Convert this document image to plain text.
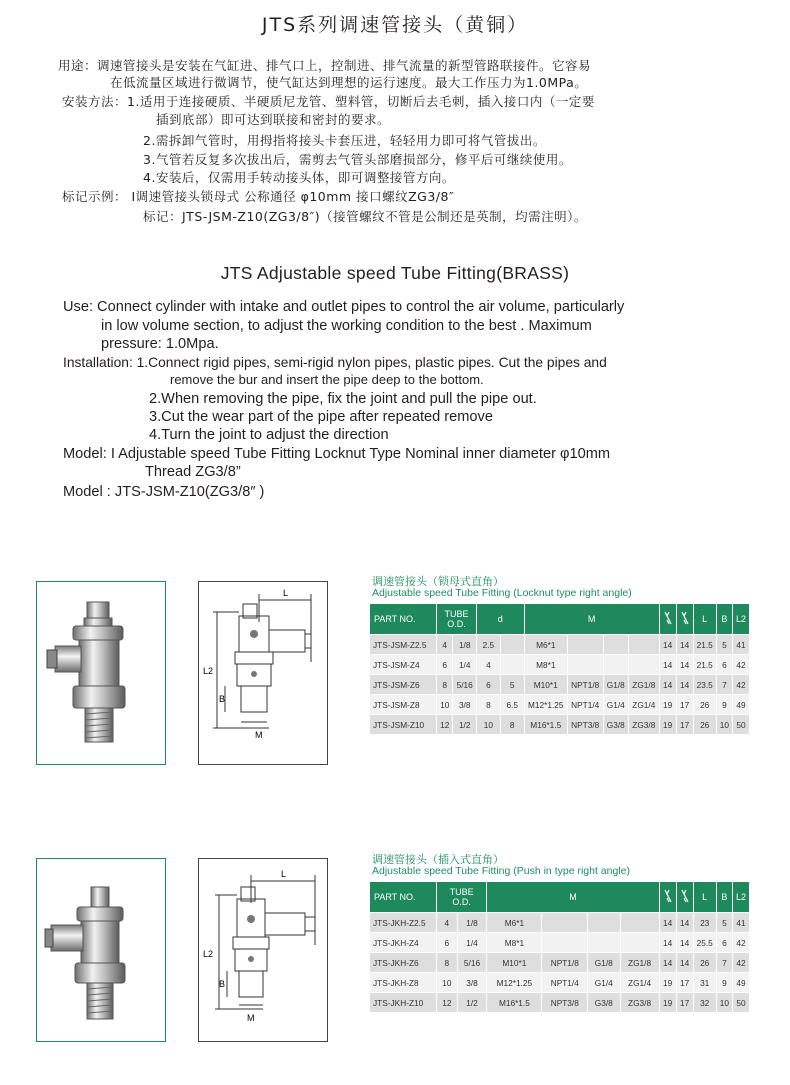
JTS系列调速管接头（黄铜）
用途：调速管接头是安装在气缸进、排气口上，控制进、排气流量的新型管路联接件。它容易
在低流量区域进行微调节，使气缸达到理想的运行速度。最大工作压力为1.0MPa。
安装方法：1.适用于连接硬质、半硬质尼龙管、塑料管，切断后去毛刺，插入接口内（一定要
插到底部）即可达到联接和密封的要求。
2.需拆卸气管时，用拇指将接头卡套压进，轻轻用力即可将气管拔出。
3.气管若反复多次拔出后，需剪去气管头部磨损部分，修平后可继续使用。
4.安装后，仅需用手转动接头体，即可调整接管方向。
标记示例： Ⅰ调速管接头锁母式 公称通径 φ10mm 接口螺纹ZG3/8″
标记：JTS-JSM-Z10(ZG3/8″)（接管螺纹不管是公制还是英制，均需注明）。
JTS Adjustable speed Tube Fitting(BRASS)
Use: Connect cylinder with intake and outlet pipes to control the air volume, particularly
in low volume section, to adjust the working condition to the best . Maximum
pressure: 1.0Mpa.
Installation: 1.Connect rigid pipes, semi-rigid nylon pipes, plastic pipes. Cut the pipes and
remove the bur and insert the pipe deep to the bottom.
2.When removing the pipe, fix the joint and pull the pipe out.
3.Cut the wear part of the pipe after repeated remove
4.Turn the joint to adjust the direction
Model: I Adjustable speed Tube Fitting Locknut Type Nominal inner diameter φ10mm
Thread ZG3/8”
Model : JTS-JSM-Z10(ZG3/8″ )
L
L2
B
M
调速管接头（锁母式直角）
Adjustable speed Tube Fitting (Locknut type right angle)
PART NO.	TUBE
O.D.		d		M						L	B	L2
JTS-JSM-Z2.5	4	1/8	2.5		M6*1				14	14	21.5	5	41
JTS-JSM-Z4	6	1/4	4		M8*1				14	14	21.5	6	42
JTS-JSM-Z6	8	5/16	6	5	M10*1	NPT1/8	G1/8	ZG1/8	14	14	23.5	7	42
JTS-JSM-Z8	10	3/8	8	6.5	M12*1.25	NPT1/4	G1/4	ZG1/4	19	17	26	9	49
JTS-JSM-Z10	12	1/2	10	8	M16*1.5	NPT3/8	G3/8	ZG3/8	19	17	26	10	50
L
L2
B
M
调速管接头（插入式直角）
Adjustable speed Tube Fitting (Push in type right angle)
PART NO.	TUBE
O.D.		M						L	B	L2
JTS-JKH-Z2.5	4	1/8	M6*1				14	14	23	5	41
JTS-JKH-Z4	6	1/4	M8*1				14	14	25.5	6	42
JTS-JKH-Z6	8	5/16	M10*1	NPT1/8	G1/8	ZG1/8	14	14	26	7	42
JTS-JKH-Z8	10	3/8	M12*1.25	NPT1/4	G1/4	ZG1/4	19	17	31	9	49
JTS-JKH-Z10	12	1/2	M16*1.5	NPT3/8	G3/8	ZG3/8	19	17	32	10	50
